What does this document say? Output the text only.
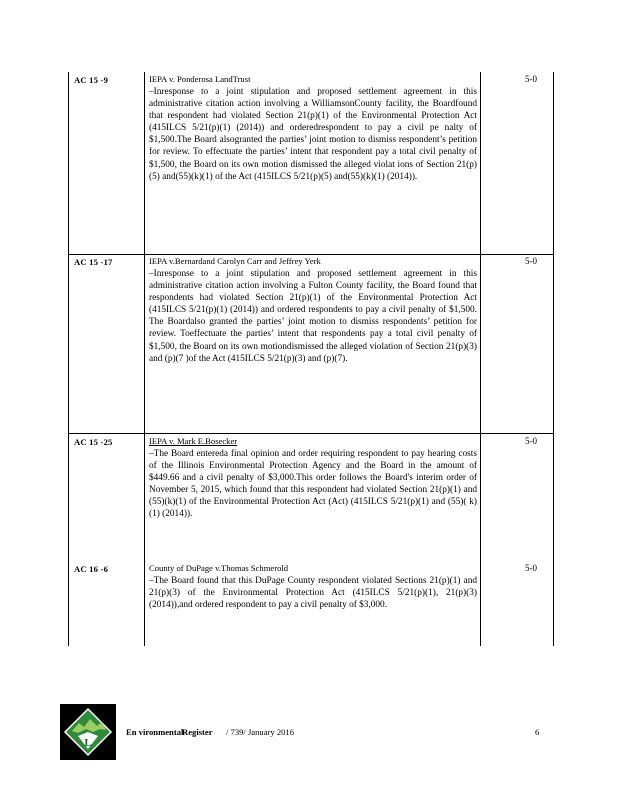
AC 15 -9	IEPA v. Ponderosa LandTrust
–Inresponse to a joint stipulation and proposed settlement agreement in this administrative citation action involving a WilliamsonCounty facility, the Boardfound that respondent had violated Section 21(p)(1) of the Environmental Protection Act (415ILCS 5/21(p)(1) (2014)) and orderedrespondent to pay a civil pe nalty of $1,500.The Board alsogranted the parties’ joint motion to dismiss respondent’s petition for review. To effectuate the parties’ intent that respondent pay a total civil penalty of $1,500, the Board on its own motion dismissed the alleged violat ions of Section 21(p)(5) and(55)(k)(1) of the Act (415ILCS 5/21(p)(5) and(55)(k)(1) (2014)).
5-0
AC 15 -17	IEPA v.Bernardand Carolyn Carr and Jeffrey Yerk
–Inresponse to a joint stipulation and proposed settlement agreement in this administrative citation action involving a Fulton County facility, the Board found that respondents had violated Section 21(p)(1) of the Environmental Protection Act (415ILCS 5/21(p)(1) (2014)) and ordered respondents to pay a civil penalty of $1,500. The Boardalso granted the parties’ joint motion to dismiss respondents’ petition for review. Toeffectuate the parties’ intent that respondents pay a total civil penalty of $1,500, the Board on its own motiondismissed the alleged violation of Section 21(p)(3) and (p)(7 )of the Act (415ILCS 5/21(p)(3) and (p)(7).
5-0
AC 15 -25	IEPA v. Mark E.Bosecker
–The Board entereda final opinion and order requiring respondent to pay hearing costs of the Illinois Environmental Protection Agency and the Board in the amount of $449.66 and a civil penalty of $3,000.This order follows the Board's interim order of November 5, 2015, which found that this respondent had violated Section 21(p)(1) and (55)(k)(1) of the Environmental Protection Act (Act) (415ILCS 5/21(p)(1) and (55)( k)(1) (2014)).
5-0
AC 16 -6	County of DuPage v.Thomas Schmerold
–The Board found that this DuPage County respondent violated Sections 21(p)(1) and 21(p)(3) of the Environmental Protection Act (415ILCS 5/21(p)(1), 21(p)(3) (2014)),and ordered respondent to pay a civil penalty of $3,000.
5-0
L
En vironmental
Register / 739/ January 2016	6
